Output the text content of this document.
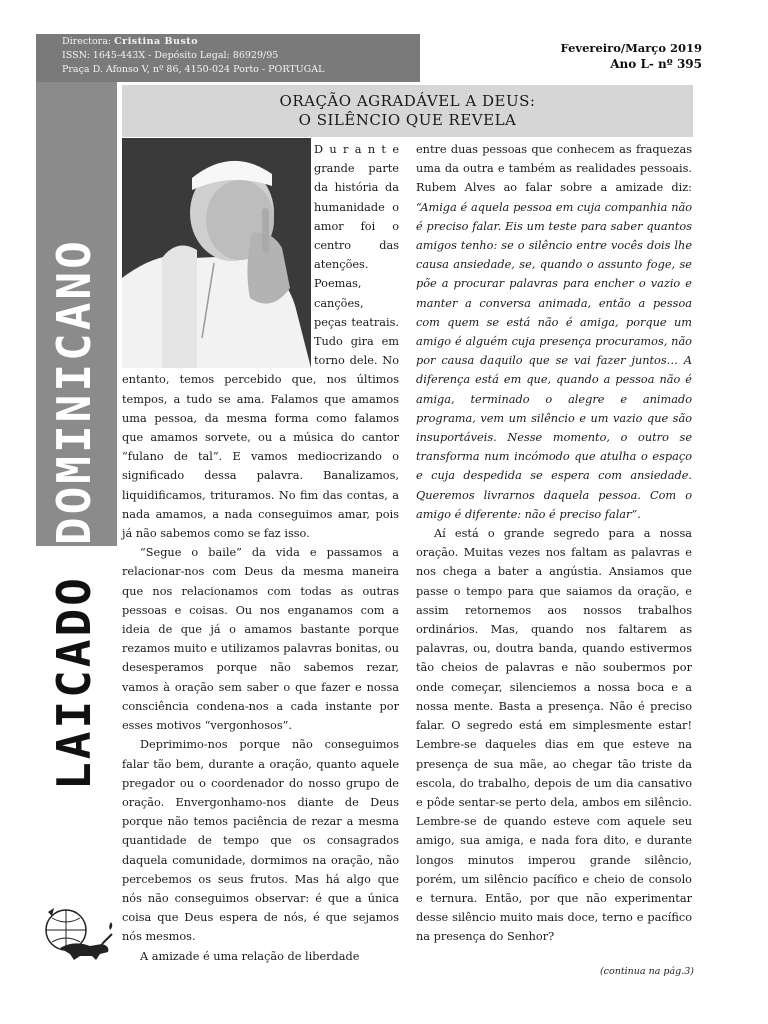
Directora: Cristina Busto
ISSN: 1645-443X - Depósito Legal: 86929/95
Praça D. Afonso V, nº 86, 4150-024 Porto - PORTUGAL
Fevereiro/Março 2019
Ano L- nº 395
LAICADODOMINICANO
ORAÇÃO AGRADÁVEL A DEUS:
O SILÊNCIO QUE REVELA

D u r a n t e grande parte da história da humanidade o amor foi o centro das atenções. Poemas, canções, peças teatrais. Tudo gira em torno dele. No entanto, temos percebido que, nos últimos tempos, a tudo se ama. Falamos que amamos uma pessoa, da mesma forma como falamos que amamos sorvete, ou a música do cantor “fulano de tal”. E vamos mediocrizando o significado dessa palavra. Banalizamos, liquidificamos, trituramos. No fim das contas, a nada amamos, a nada conseguimos amar, pois já não sabemos como se faz isso.

“Segue o baile” da vida e passamos a relacionar-nos com Deus da mesma maneira que nos relacionamos com todas as outras pessoas e coisas. Ou nos enganamos com a ideia de que já o amamos bastante porque rezamos muito e utilizamos palavras bonitas, ou desesperamos porque não sabemos rezar, vamos à oração sem saber o que fazer e nossa consciência condena-nos a cada instante por esses motivos “vergonhosos”.

Deprimimo-nos porque não conseguimos falar tão bem, durante a oração, quanto aquele pregador ou o coordenador do nosso grupo de oração. Envergonhamo-nos diante de Deus porque não temos paciência de rezar a mesma quantidade de tempo que os consagrados daquela comunidade, dormimos na oração, não percebemos os seus frutos. Mas há algo que nós não conseguimos observar: é que a única coisa que Deus espera de nós, é que sejamos nós mesmos.

A amizade é uma relação de liberdade

entre duas pessoas que conhecem as fraquezas uma da outra e também as realidades pessoais. Rubem Alves ao falar sobre a amizade diz: “Amiga é aquela pessoa em cuja companhia não é preciso falar. Eis um teste para saber quantos amigos tenho: se o silêncio entre vocês dois lhe causa ansiedade, se, quando o assunto foge, se põe a procurar palavras para encher o vazio e manter a conversa animada, então a pessoa com quem se está não é amiga, porque um amigo é alguém cuja presença procuramos, não por causa daquilo que se vai fazer juntos… A diferença está em que, quando a pessoa não é amiga, terminado o alegre e animado programa, vem um silêncio e um vazio que são insuportáveis. Nesse momento, o outro se transforma num incómodo que atulha o espaço e cuja despedida se espera com ansiedade. Queremos livrarnos daquela pessoa. Com o amigo é diferente: não é preciso falar”.

Aí está o grande segredo para a nossa oração. Muitas vezes nos faltam as palavras e nos chega a bater a angústia. Ansiamos que passe o tempo para que saiamos da oração, e assim retornemos aos nossos trabalhos ordinários. Mas, quando nos faltarem as palavras, ou, doutra banda, quando estivermos tão cheios de palavras e não soubermos por onde começar, silenciemos a nossa boca e a nossa mente. Basta a presença. Não é preciso falar. O segredo está em simplesmente estar! Lembre-se daqueles dias em que esteve na presença de sua mãe, ao chegar tão triste da escola, do trabalho, depois de um dia cansativo e pôde sentar-se perto dela, ambos em silêncio. Lembre-se de quando esteve com aquele seu amigo, sua amiga, e nada fora dito, e durante longos minutos imperou grande silêncio, porém, um silêncio pacífico e cheio de consolo e ternura. Então, por que não experimentar desse silêncio muito mais doce, terno e pacífico na presença do Senhor?

(continua na pág.3)
